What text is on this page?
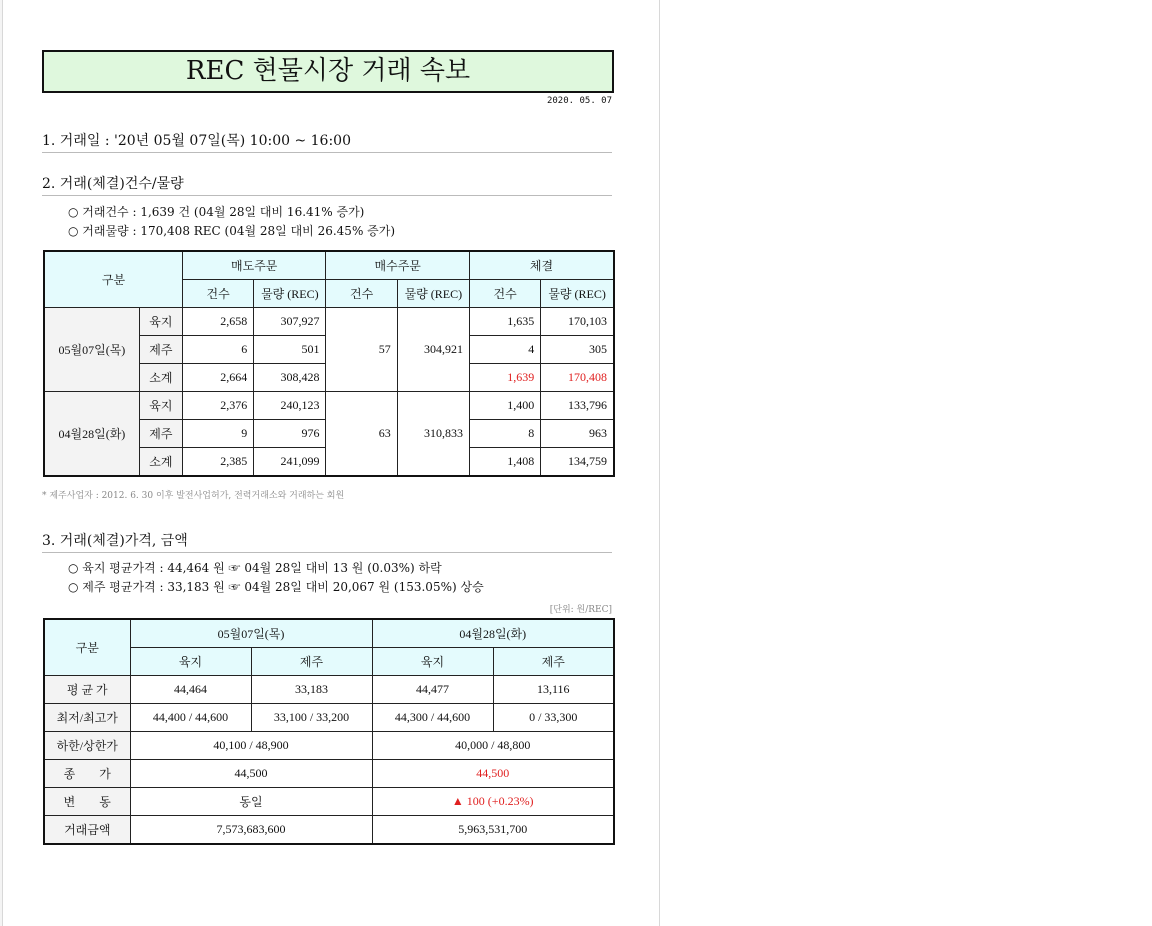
REC 현물시장 거래 속보
2020. 05. 07
1. 거래일 : '20년 05월 07일(목) 10:00 ~ 16:00
2. 거래(체결)건수/물량
○ 거래건수 : 1,639 건 (04월 28일 대비 16.41% 증가)
○ 거래물량 : 170,408 REC (04월 28일 대비 26.45% 증가)
구분		매도주문		매수주문		체결	
		건수	물량 (REC)	건수	물량 (REC)	건수	물량 (REC)
05월07일(목)	육지	2,658	307,927	57	304,921	1,635	170,103
	제주	6	501			4	305
	소계	2,664	308,428			1,639	170,408
04월28일(화)	육지	2,376	240,123	63	310,833	1,400	133,796
	제주	9	976			8	963
	소계	2,385	241,099			1,408	134,759
* 제주사업자 : 2012. 6. 30 이후 발전사업허가, 전력거래소와 거래하는 회원
3. 거래(체결)가격, 금액
○ 육지 평균가격 : 44,464 원 ☞ 04월 28일 대비 13 원 (0.03%) 하락
○ 제주 평균가격 : 33,183 원 ☞ 04월 28일 대비 20,067 원 (153.05%) 상승
[단위: 원/REC]
구분	05월07일(목)		04월28일(화)	
	육지	제주	육지	제주
평 균 가	44,464	33,183	44,477	13,116
최저/최고가	44,400 / 44,600	33,100 / 33,200	44,300 / 44,600	0 / 33,300
하한/상한가	40,100 / 48,900		40,000 / 48,800	
종　　가	44,500		44,500	
변　　동	동일		▲ 100 (+0.23%)	
거래금액	7,573,683,600		5,963,531,700	
